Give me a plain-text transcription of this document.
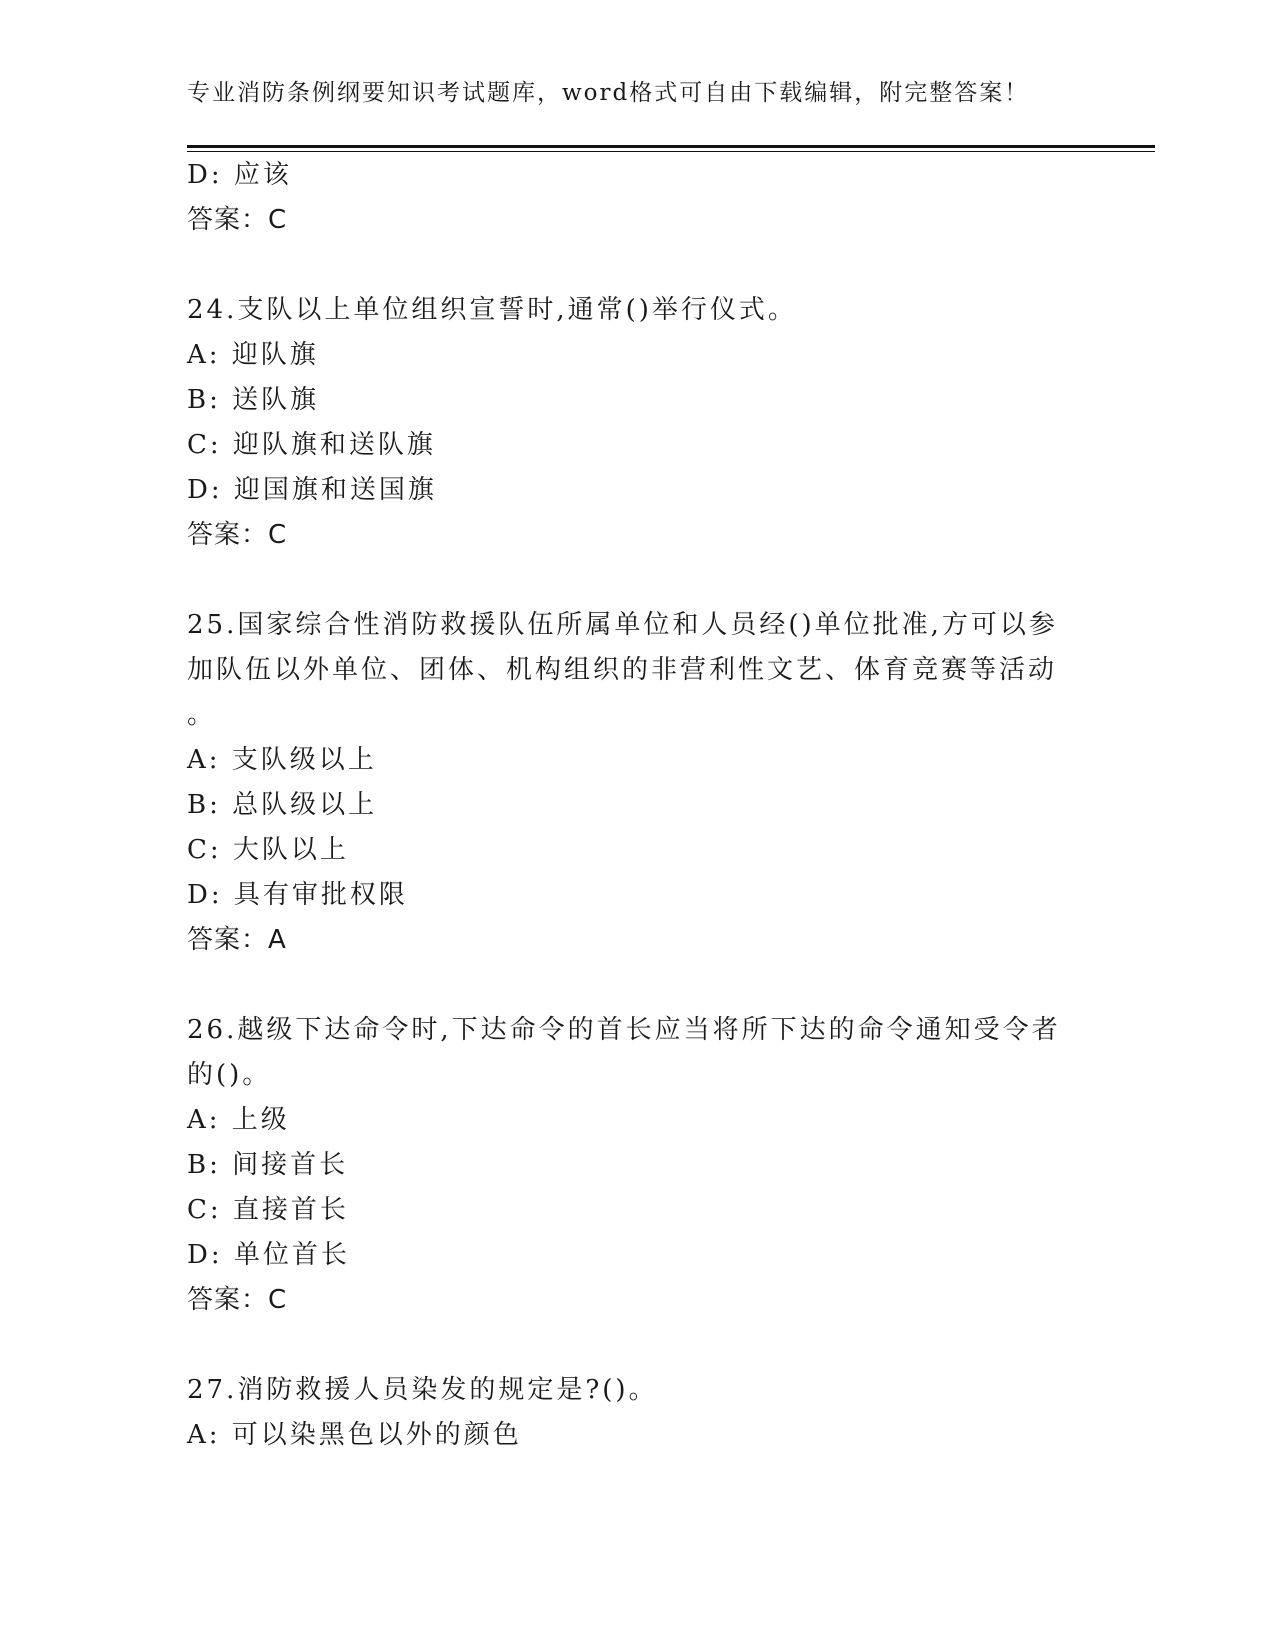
专业消防条例纲要知识考试题库，word格式可自由下载编辑，附完整答案！
D: 应该
答案：C
24.支队以上单位组织宣誓时,通常()举行仪式。
A: 迎队旗
B: 送队旗
C: 迎队旗和送队旗
D: 迎国旗和送国旗
答案：C
25.国家综合性消防救援队伍所属单位和人员经()单位批准,方可以参
加队伍以外单位、团体、机构组织的非营利性文艺、体育竞赛等活动
。
A: 支队级以上
B: 总队级以上
C: 大队以上
D: 具有审批权限
答案：A
26.越级下达命令时,下达命令的首长应当将所下达的命令通知受令者
的()。
A: 上级
B: 间接首长
C: 直接首长
D: 单位首长
答案：C
27.消防救援人员染发的规定是?()。
A: 可以染黑色以外的颜色
